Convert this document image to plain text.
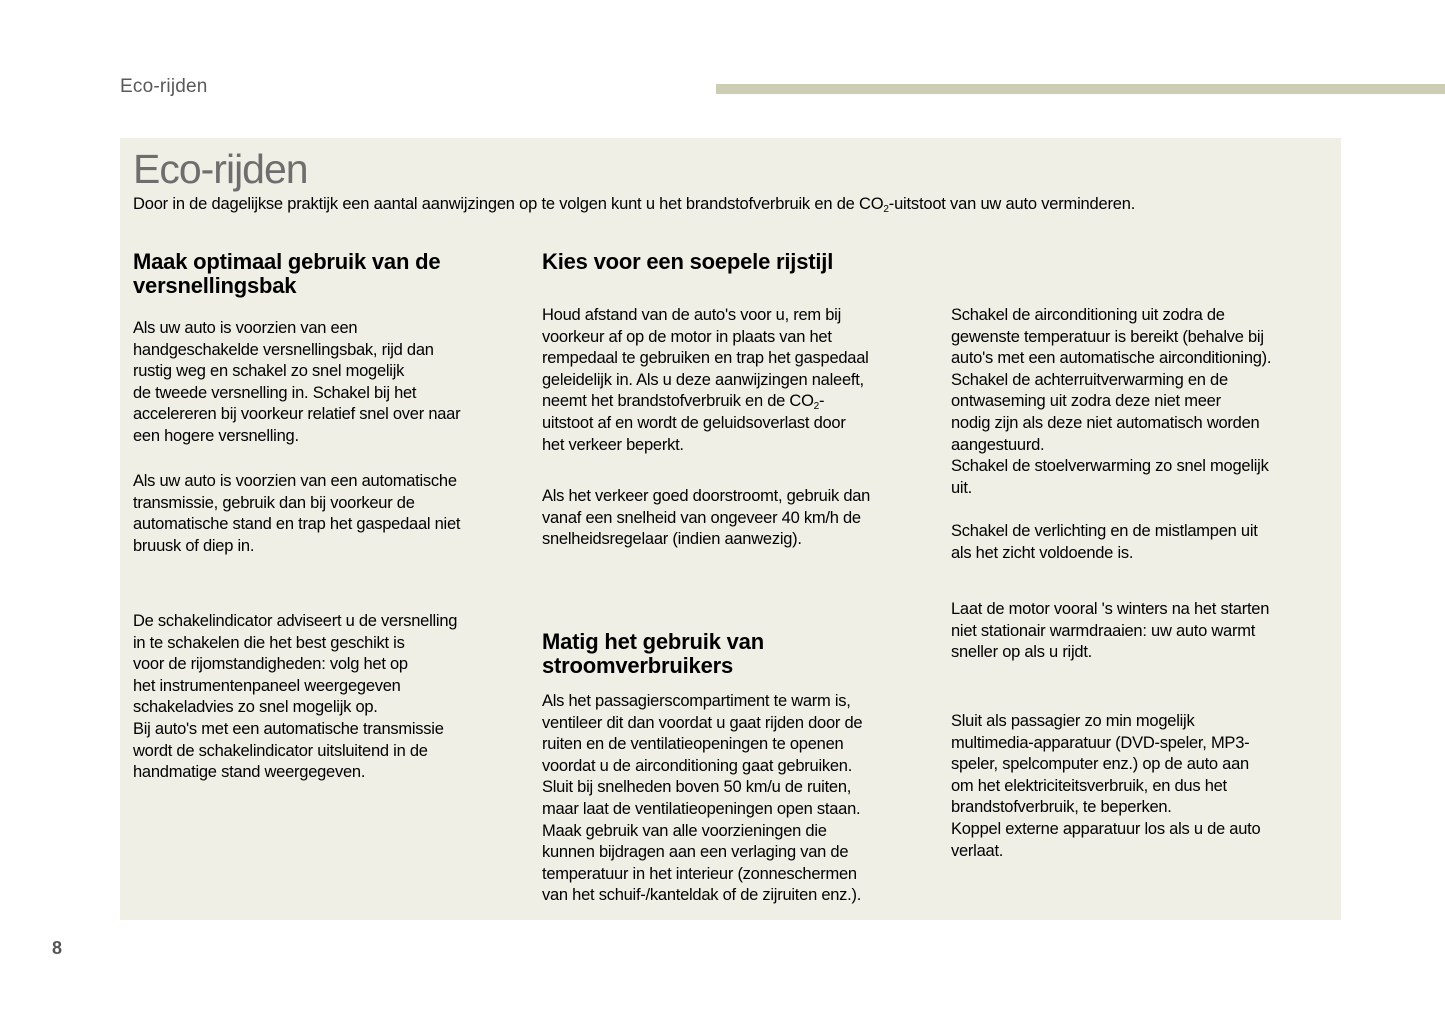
Eco-rijden
Eco-rijden
Door in de dagelijkse praktijk een aantal aanwijzingen op te volgen kunt u het brandstofverbruik en de $CO_2$-uitstoot van uw auto verminderen.
Maak optimaal gebruik van de
versnellingsbak

Als uw auto is voorzien van een
handgeschakelde versnellingsbak, rijd dan
rustig weg en schakel zo snel mogelijk
de tweede versnelling in. Schakel bij het
accelereren bij voorkeur relatief snel over naar
een hogere versnelling.

Als uw auto is voorzien van een automatische
transmissie, gebruik dan bij voorkeur de
automatische stand en trap het gaspedaal niet
bruusk of diep in.

De schakelindicator adviseert u de versnelling
in te schakelen die het best geschikt is
voor de rijomstandigheden: volg het op
het instrumentenpaneel weergegeven
schakeladvies zo snel mogelijk op.
Bij auto's met een automatische transmissie
wordt de schakelindicator uitsluitend in de
handmatige stand weergegeven.

Kies voor een soepele rijstijl

Houd afstand van de auto's voor u, rem bij
voorkeur af op de motor in plaats van het
rempedaal te gebruiken en trap het gaspedaal
geleidelijk in. Als u deze aanwijzingen naleeft,
neemt het brandstofverbruik en de $CO_2-$
uitstoot af en wordt de geluidsoverlast door
het verkeer beperkt.

Als het verkeer goed doorstroomt, gebruik dan
vanaf een snelheid van ongeveer 40 km/h de
snelheidsregelaar (indien aanwezig).

Matig het gebruik van
stroomverbruikers

Als het passagierscompartiment te warm is,
ventileer dit dan voordat u gaat rijden door de
ruiten en de ventilatieopeningen te openen
voordat u de airconditioning gaat gebruiken.
Sluit bij snelheden boven 50 km/u de ruiten,
maar laat de ventilatieopeningen open staan.
Maak gebruik van alle voorzieningen die
kunnen bijdragen aan een verlaging van de
temperatuur in het interieur (zonneschermen
van het schuif-/kanteldak of de zijruiten enz.).

Schakel de airconditioning uit zodra de
gewenste temperatuur is bereikt (behalve bij
auto's met een automatische airconditioning).
Schakel de achterruitverwarming en de
ontwaseming uit zodra deze niet meer
nodig zijn als deze niet automatisch worden
aangestuurd.
Schakel de stoelverwarming zo snel mogelijk
uit.

Schakel de verlichting en de mistlampen uit
als het zicht voldoende is.

Laat de motor vooral 's winters na het starten
niet stationair warmdraaien: uw auto warmt
sneller op als u rijdt.

Sluit als passagier zo min mogelijk
multimedia-apparatuur (DVD-speler, MP3-
speler, spelcomputer enz.) op de auto aan
om het elektriciteitsverbruik, en dus het
brandstofverbruik, te beperken.
Koppel externe apparatuur los als u de auto
verlaat.

8
